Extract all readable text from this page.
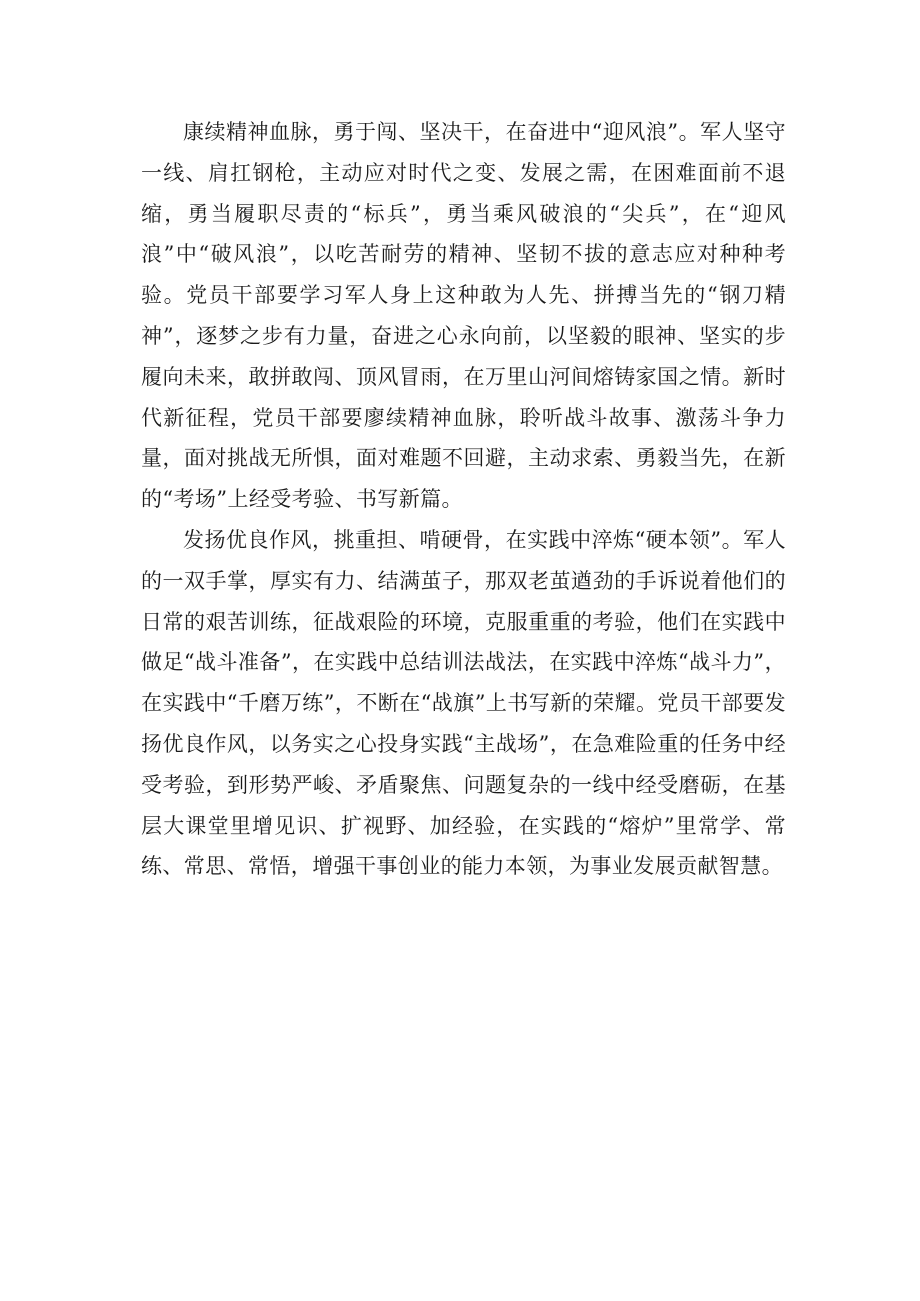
康续精神血脉，勇于闯、坚决干，在奋进中“迎风浪”。军人坚守一线、肩扛钢枪，主动应对时代之变、发展之需，在困难面前不退缩，勇当履职尽责的“标兵”，勇当乘风破浪的“尖兵”，在“迎风浪”中“破风浪”，以吃苦耐劳的精神、坚韧不拔的意志应对种种考验。党员干部要学习军人身上这种敢为人先、拼搏当先的“钢刀精神”，逐梦之步有力量，奋进之心永向前，以坚毅的眼神、坚实的步履向未来，敢拼敢闯、顶风冒雨，在万里山河间熔铸家国之情。新时代新征程，党员干部要廖续精神血脉，聆听战斗故事、激荡斗争力量，面对挑战无所惧，面对难题不回避，主动求索、勇毅当先，在新的“考场”上经受考验、书写新篇。

发扬优良作风，挑重担、啃硬骨，在实践中淬炼“硬本领”。军人的一双手掌，厚实有力、结满茧子，那双老茧遒劲的手诉说着他们的日常的艰苦训练，征战艰险的环境，克服重重的考验，他们在实践中做足“战斗准备”，在实践中总结训法战法，在实践中淬炼“战斗力”，在实践中“千磨万练”，不断在“战旗”上书写新的荣耀。党员干部要发扬优良作风，以务实之心投身实践“主战场”，在急难险重的任务中经受考验，到形势严峻、矛盾聚焦、问题复杂的一线中经受磨砺，在基层大课堂里增见识、扩视野、加经验，在实践的“熔炉”里常学、常练、常思、常悟，增强干事创业的能力本领，为事业发展贡献智慧。
